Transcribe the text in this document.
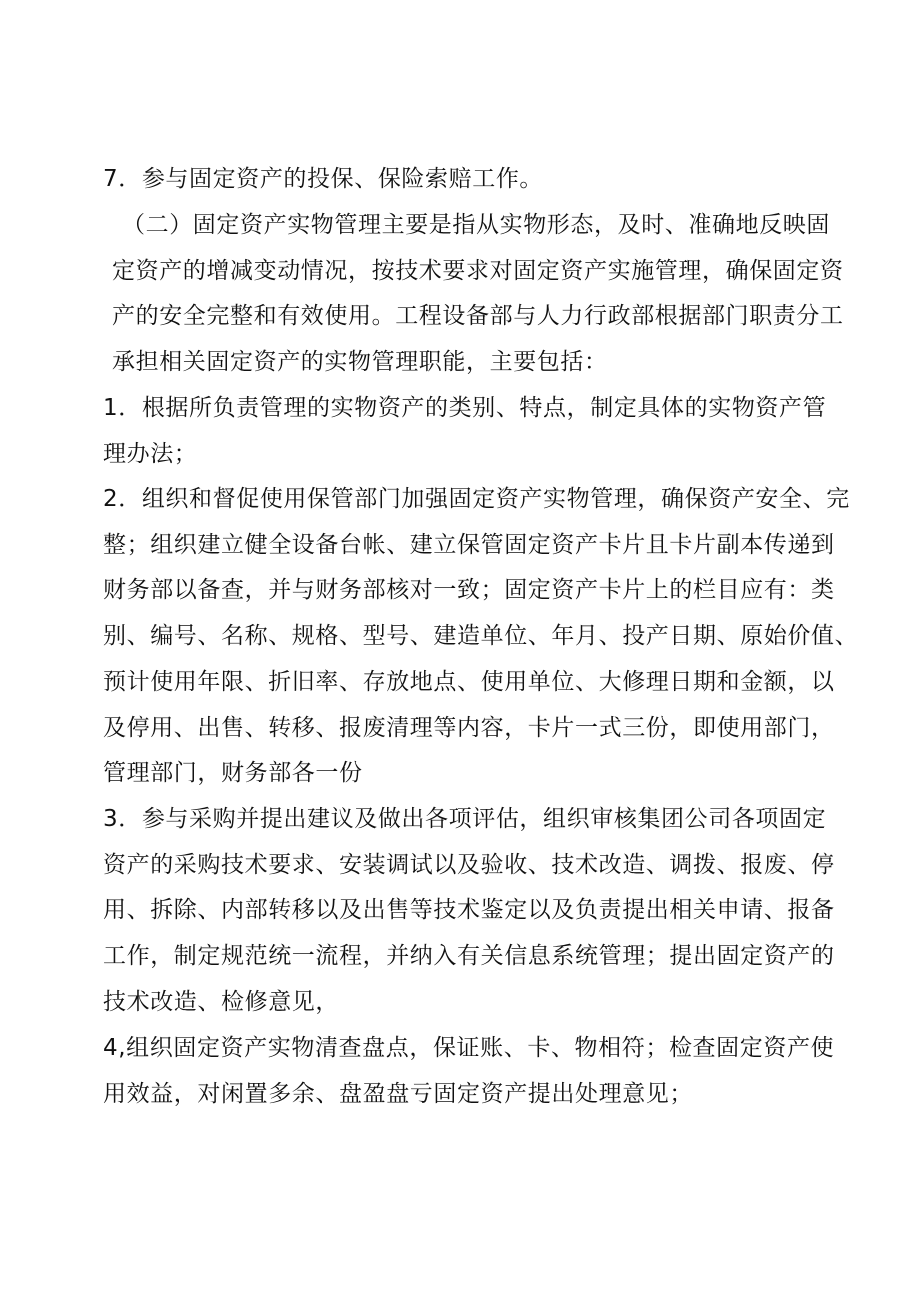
7．参与固定资产的投保、保险索赔工作。
（二）固定资产实物管理主要是指从实物形态，及时、准确地反映固
定资产的增减变动情况，按技术要求对固定资产实施管理，确保固定资
产的安全完整和有效使用。工程设备部与人力行政部根据部门职责分工
承担相关固定资产的实物管理职能，主要包括：
1．根据所负责管理的实物资产的类别、特点，制定具体的实物资产管
理办法；
2．组织和督促使用保管部门加强固定资产实物管理，确保资产安全、完
整；组织建立健全设备台帐、建立保管固定资产卡片且卡片副本传递到
财务部以备查，并与财务部核对一致；固定资产卡片上的栏目应有：类
别、编号、名称、规格、型号、建造单位、年月、投产日期、原始价值、
预计使用年限、折旧率、存放地点、使用单位、大修理日期和金额，以
及停用、出售、转移、报废清理等内容，卡片一式三份，即使用部门，
管理部门，财务部各一份
3．参与采购并提出建议及做出各项评估，组织审核集团公司各项固定
资产的采购技术要求、安装调试以及验收、技术改造、调拨、报废、停
用、拆除、内部转移以及出售等技术鉴定以及负责提出相关申请、报备
工作，制定规范统一流程，并纳入有关信息系统管理；提出固定资产的
技术改造、检修意见，
4,组织固定资产实物清查盘点，保证账、卡、物相符；检查固定资产使
用效益，对闲置多余、盘盈盘亏固定资产提出处理意见；
